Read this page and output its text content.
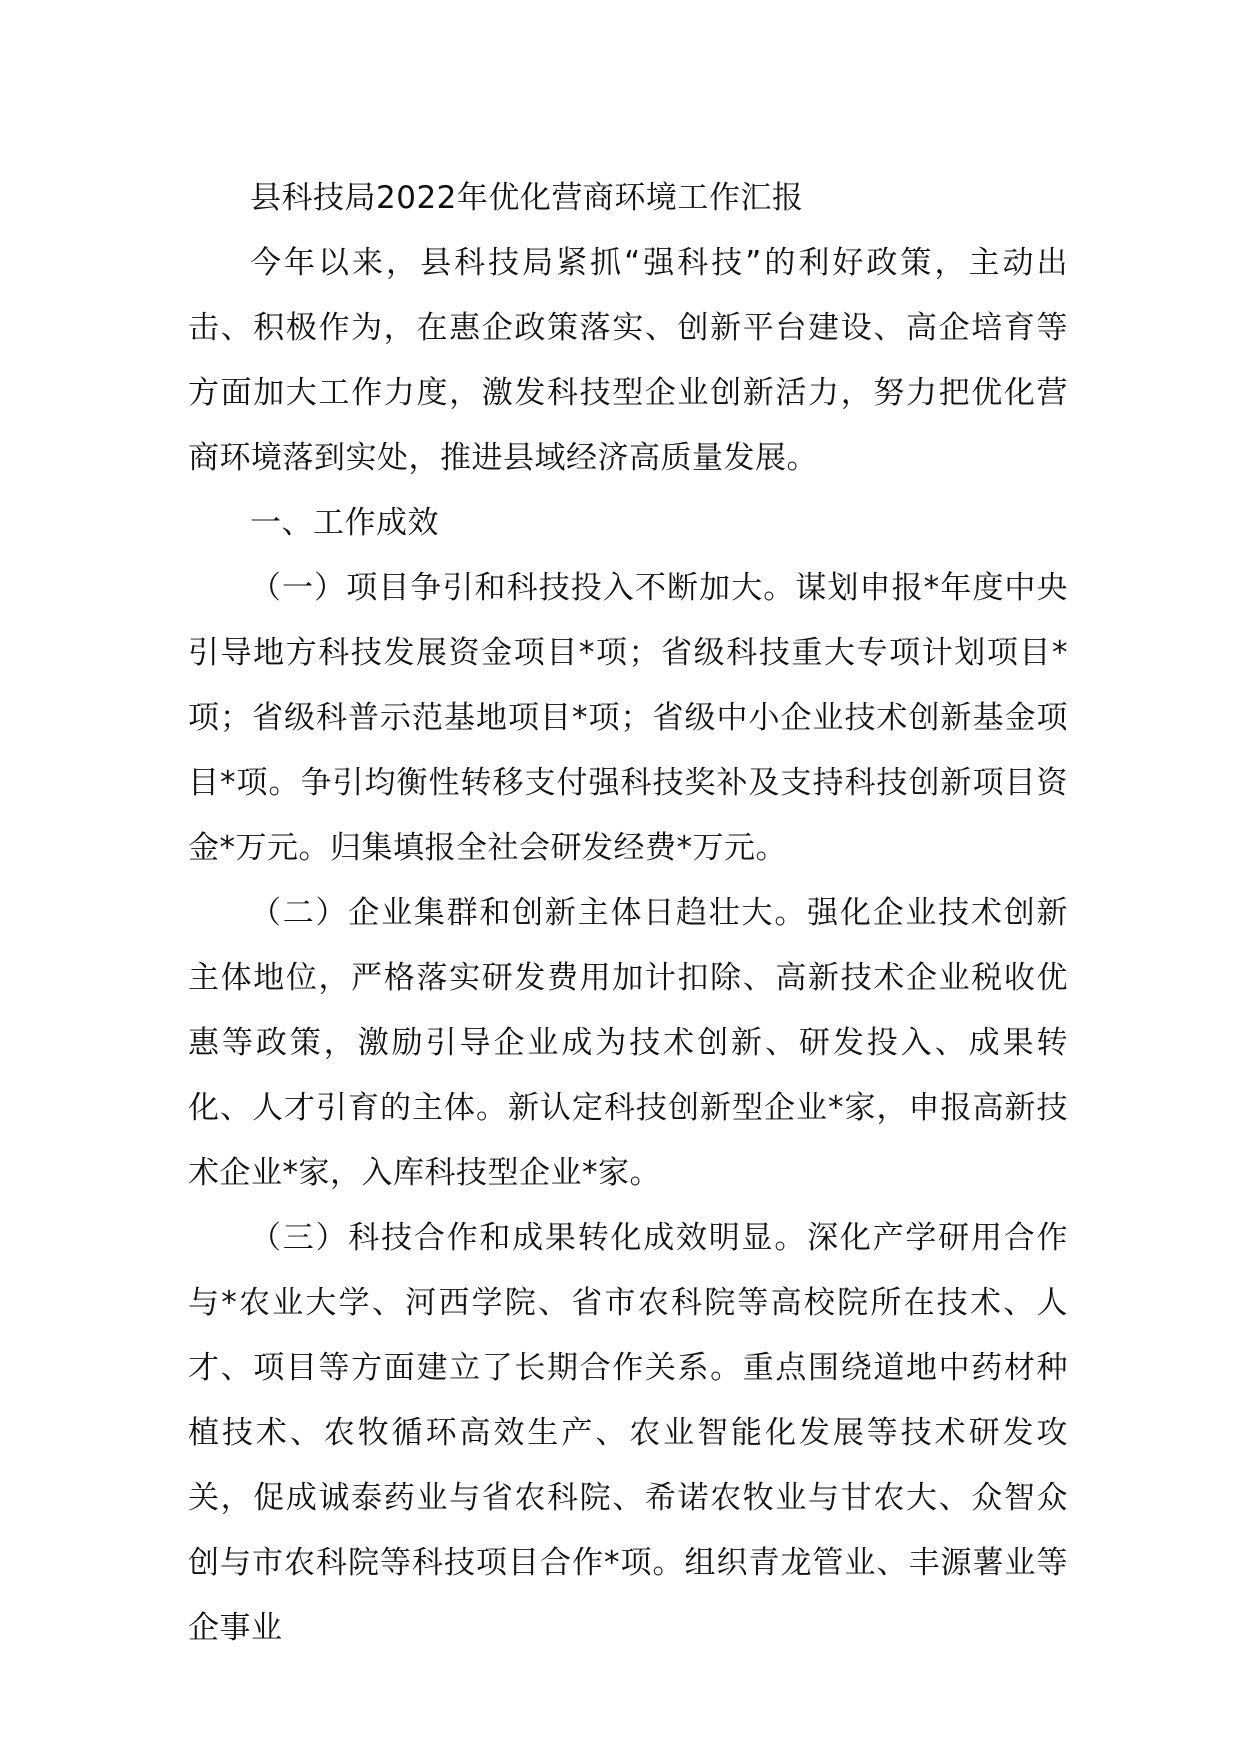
县科技局2022年优化营商环境工作汇报

今年以来，县科技局紧抓“强科技”的利好政策，主动出击、积极作为，在惠企政策落实、创新平台建设、高企培育等方面加大工作力度，激发科技型企业创新活力，努力把优化营商环境落到实处，推进县域经济高质量发展。

一、工作成效

（一）项目争引和科技投入不断加大。谋划申报*年度中央引导地方科技发展资金项目*项；省级科技重大专项计划项目*项；省级科普示范基地项目*项；省级中小企业技术创新基金项目*项。争引均衡性转移支付强科技奖补及支持科技创新项目资金*万元。归集填报全社会研发经费*万元。

（二）企业集群和创新主体日趋壮大。强化企业技术创新主体地位，严格落实研发费用加计扣除、高新技术企业税收优惠等政策，激励引导企业成为技术创新、研发投入、成果转化、人才引育的主体。新认定科技创新型企业*家，申报高新技术企业*家，入库科技型企业*家。

（三）科技合作和成果转化成效明显。深化产学研用合作与*农业大学、河西学院、省市农科院等高校院所在技术、人才、项目等方面建立了长期合作关系。重点围绕道地中药材种植技术、农牧循环高效生产、农业智能化发展等技术研发攻关，促成诚泰药业与省农科院、希诺农牧业与甘农大、众智众创与市农科院等科技项目合作*项。组织青龙管业、丰源薯业等企事业
